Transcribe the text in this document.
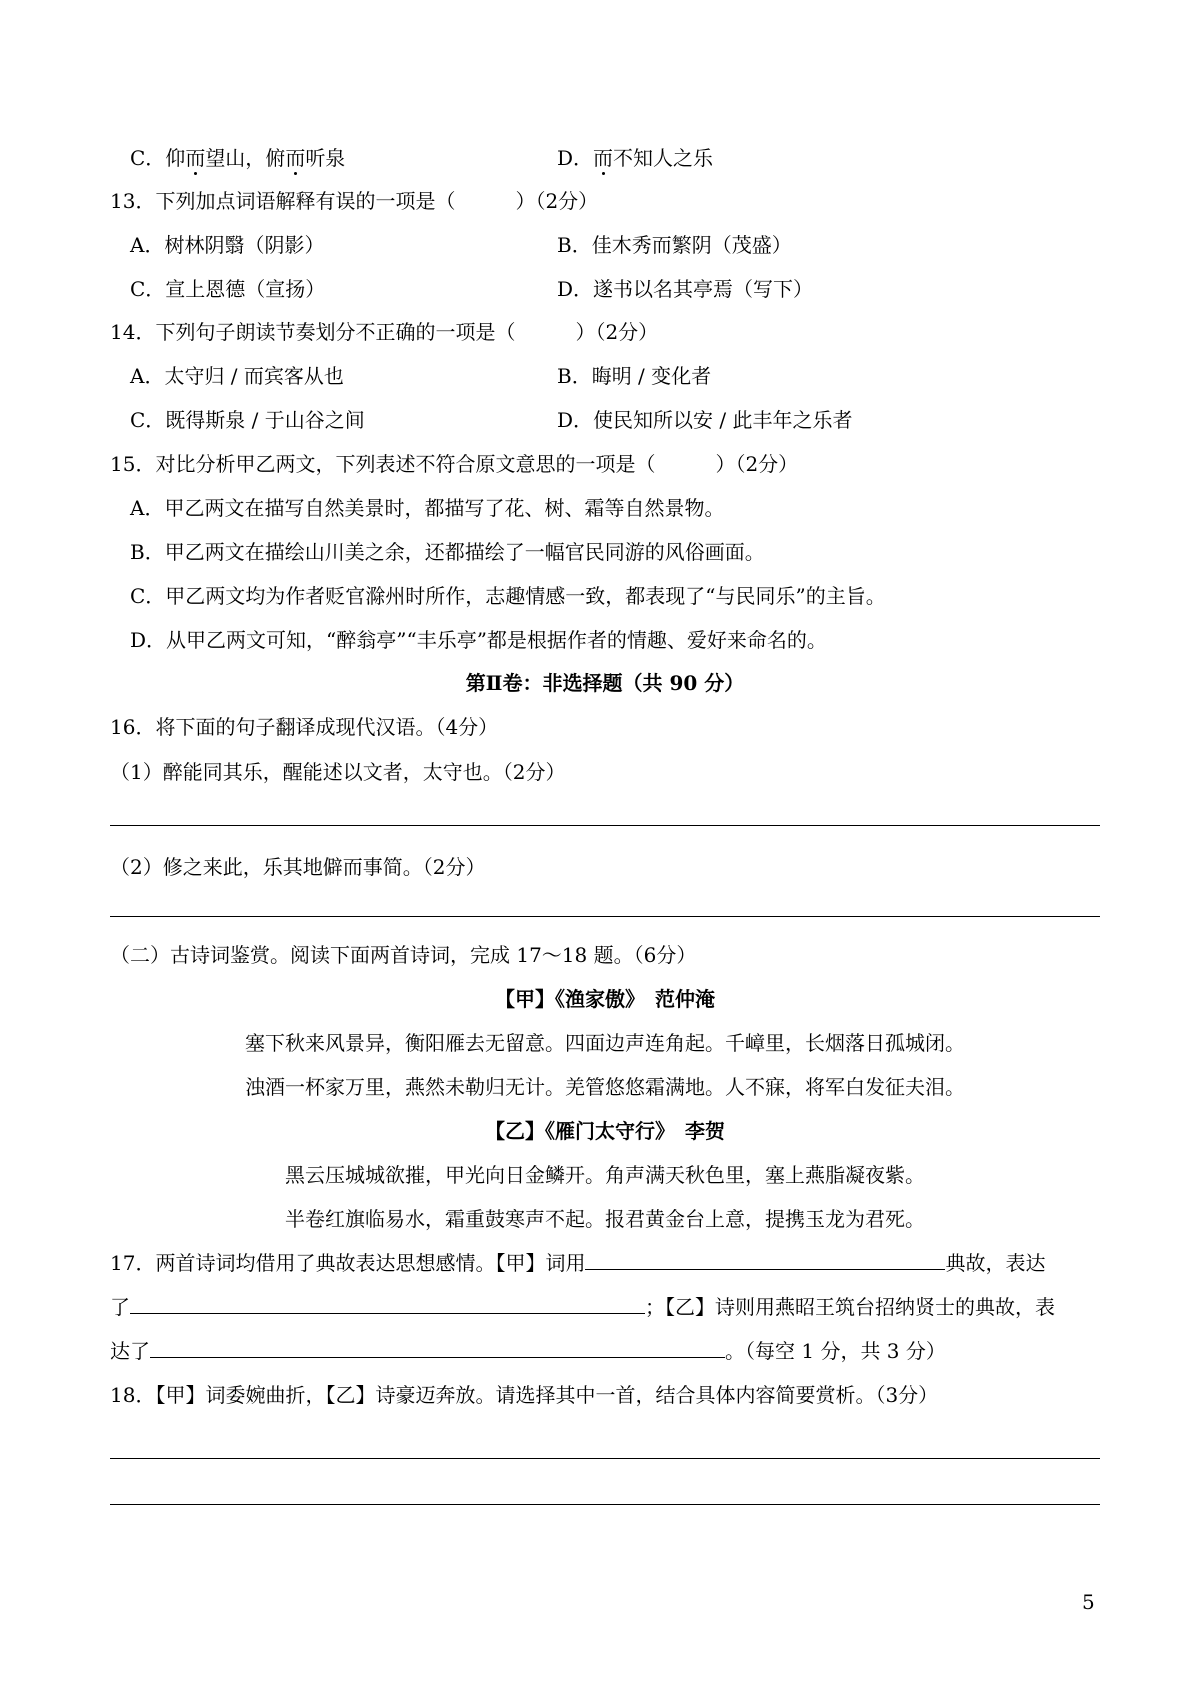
C．仰而望山，俯而听泉	D．而不知人之乐
13．下列加点词语解释有误的一项是（　　　）（2分）
A．树林阴翳（阴影）	B．佳木秀而繁阴（茂盛）
C．宣上恩德（宣扬）	D．遂书以名其亭焉（写下）
14．下列句子朗读节奏划分不正确的一项是（　　　）（2分）
A．太守归 / 而宾客从也	B．晦明 / 变化者
C．既得斯泉 / 于山谷之间	D．使民知所以安 / 此丰年之乐者
15．对比分析甲乙两文，下列表述不符合原文意思的一项是（　　　）（2分）
A．甲乙两文在描写自然美景时，都描写了花、树、霜等自然景物。
B．甲乙两文在描绘山川美之余，还都描绘了一幅官民同游的风俗画面。
C．甲乙两文均为作者贬官滁州时所作，志趣情感一致，都表现了“与民同乐”的主旨。
D．从甲乙两文可知，“醉翁亭”“丰乐亭”都是根据作者的情趣、爱好来命名的。
第Ⅱ卷：非选择题（共 90 分）
16．将下面的句子翻译成现代汉语。（4分）
（1）醉能同其乐，醒能述以文者，太守也。（2分）
（2）修之来此，乐其地僻而事简。（2分）
（二）古诗词鉴赏。阅读下面两首诗词，完成 17～18 题。（6分）
【甲】《渔家傲》　范仲淹
塞下秋来风景异，衡阳雁去无留意。四面边声连角起。千嶂里，长烟落日孤城闭。
浊酒一杯家万里，燕然未勒归无计。羌管悠悠霜满地。人不寐，将军白发征夫泪。
【乙】《雁门太守行》　李贺
黑云压城城欲摧，甲光向日金鳞开。角声满天秋色里，塞上燕脂凝夜紫。
半卷红旗临易水，霜重鼓寒声不起。报君黄金台上意，提携玉龙为君死。
17．两首诗词均借用了典故表达思想感情。【甲】词用	典故，表达
了	；【乙】诗则用燕昭王筑台招纳贤士的典故，表
达了	。（每空 1 分，共 3 分）
18．【甲】词委婉曲折，【乙】诗豪迈奔放。请选择其中一首，结合具体内容简要赏析。（3分）
5
